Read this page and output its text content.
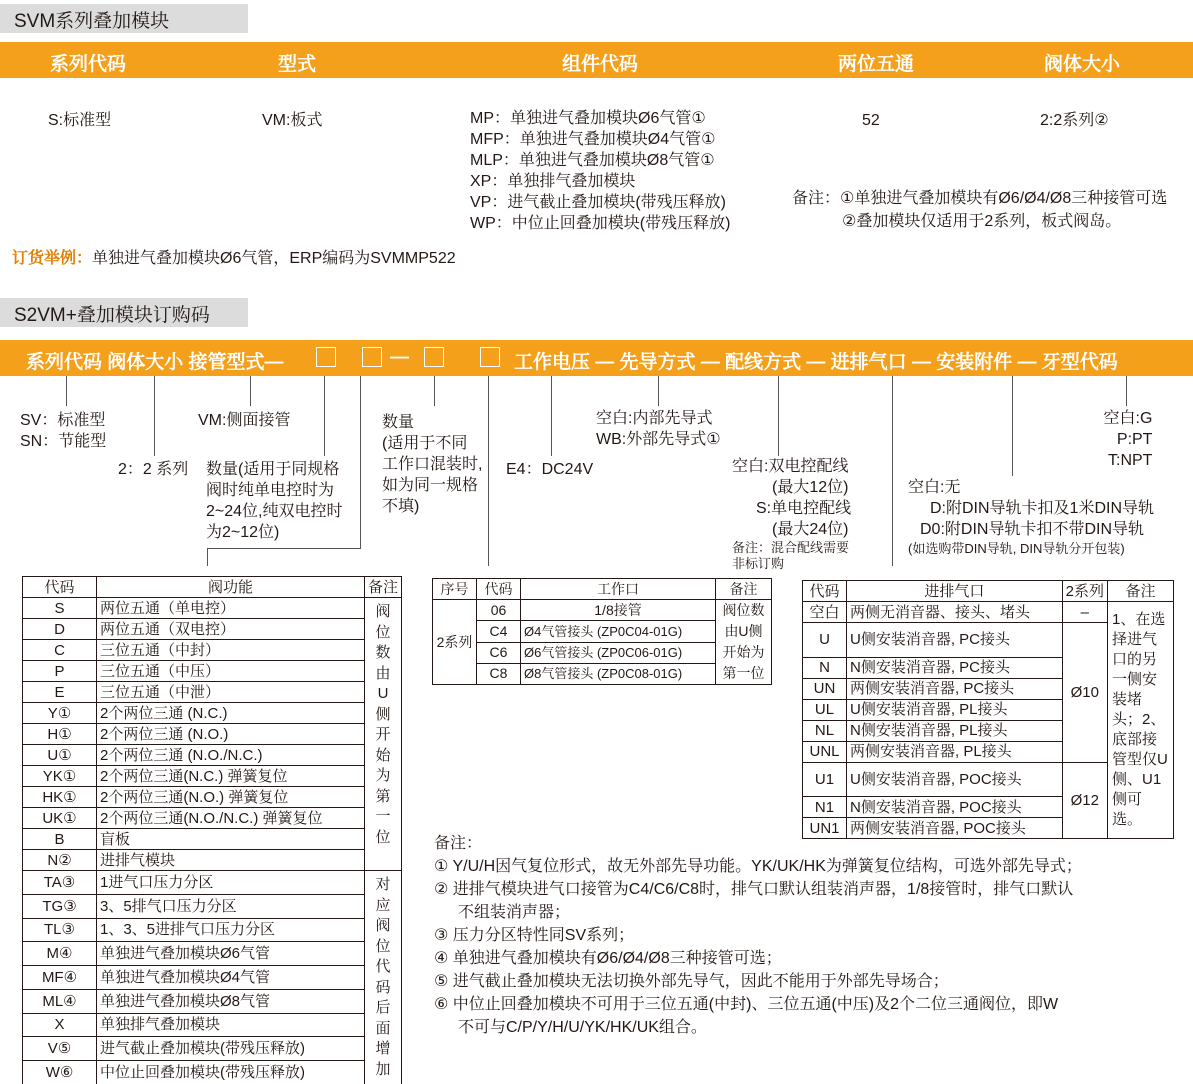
SVM系列叠加模块
系列代码	型式	组件代码	两位五通	阀体大小
S:标准型	VM:板式	MP：单独进气叠加模块Ø6气管①
MFP：单独进气叠加模块Ø4气管①
MLP：单独进气叠加模块Ø8气管①
XP：单独排气叠加模块
VP：进气截止叠加模块(带残压释放)
WP：中位止回叠加模块(带残压释放)
52	2:2系列②
备注：①单独进气叠加模块有Ø6/Ø4/Ø8三种接管可选
②叠加模块仅适用于2系列，板式阀岛。
订货举例：单独进气叠加模块Ø6气管，ERP编码为SVMMP522
S2VM+叠加模块订购码
系列代码 阀体大小 接管型式—	—	工作电压 — 先导方式 — 配线方式 — 进排气口 — 安装附件 — 牙型代码
SV：标准型
SN：节能型
VM:侧面接管
2：2 系列 数量(适用于同规格
阀时纯单电控时为
2~24位,纯双电控时
为2~12位)
数量
(适用于不同
工作口混装时,
如为同一规格
不填)
E4：DC24V
空白:内部先导式
WB:外部先导式①
空白:双电控配线
(最大12位)
S:单电控配线
(最大24位)
备注：混合配线需要
非标订购
空白:无
D:附DIN导轨卡扣及1米DIN导轨
D0:附DIN导轨卡扣不带DIN导轨
(如选购带DIN导轨, DIN导轨分开包装)
空白:G
P:PT
T:NPT
代码	阀功能	备注
S	两位五通（单电控）	阀位数由U侧开始为第一位
D	两位五通（双电控）	
C	三位五通（中封）	
P	三位五通（中压）	
E	三位五通（中泄）	
Y①	2个两位三通 (N.C.)	
H①	2个两位三通 (N.O.)	
U①	2个两位三通 (N.O./N.C.)	
YK①	2个两位三通(N.C.) 弹簧复位	
HK①	2个两位三通(N.O.) 弹簧复位	
UK①	2个两位三通(N.O./N.C.) 弹簧复位	
B	盲板	
N②	进排气模块	
TA③	1进气口压力分区	对应阀位代码后面增加
TG③	3、5排气口压力分区	
TL③	1、3、5进排气口压力分区	
M④	单独进气叠加模块Ø6气管	
MF④	单独进气叠加模块Ø4气管	
ML④	单独进气叠加模块Ø8气管	
X	单独排气叠加模块	
V⑤	进气截止叠加模块(带残压释放)	
W⑥	中位止回叠加模块(带残压释放)	
序号	代码	工作口	备注
2系列	06	1/8接管	阀位数由U侧开始为第一位
	C4	Ø4气管接头 (ZP0C04-01G)	
	C6	Ø6气管接头 (ZP0C06-01G)	
	C8	Ø8气管接头 (ZP0C08-01G)	
代码	进排气口	2系列	备注
空白	两侧无消音器、接头、堵头	–	1、在选择进气口的另一侧安装堵头；2、底部接管型仅U侧、U1侧可选。
U	U侧安装消音器, PC接头	Ø10	
N	N侧安装消音器, PC接头		
UN	两侧安装消音器, PC接头		
UL	U侧安装消音器, PL接头		
NL	N侧安装消音器, PL接头		
UNL	两侧安装消音器, PL接头		
U1	U侧安装消音器, POC接头	Ø12	
N1	N侧安装消音器, POC接头		
UN1	两侧安装消音器, POC接头		
备注：
① Y/U/H因气复位形式，故无外部先导功能。YK/UK/HK为弹簧复位结构，可选外部先导式；
② 进排气模块进气口接管为C4/C6/C8时，排气口默认组装消声器，1/8接管时，排气口默认
不组装消声器；
③ 压力分区特性同SV系列；
④ 单独进气叠加模块有Ø6/Ø4/Ø8三种接管可选；
⑤ 进气截止叠加模块无法切换外部先导气，因此不能用于外部先导场合；
⑥ 中位止回叠加模块不可用于三位五通(中封)、三位五通(中压)及2个二位三通阀位，即W
不可与C/P/Y/H/U/YK/HK/UK组合。
